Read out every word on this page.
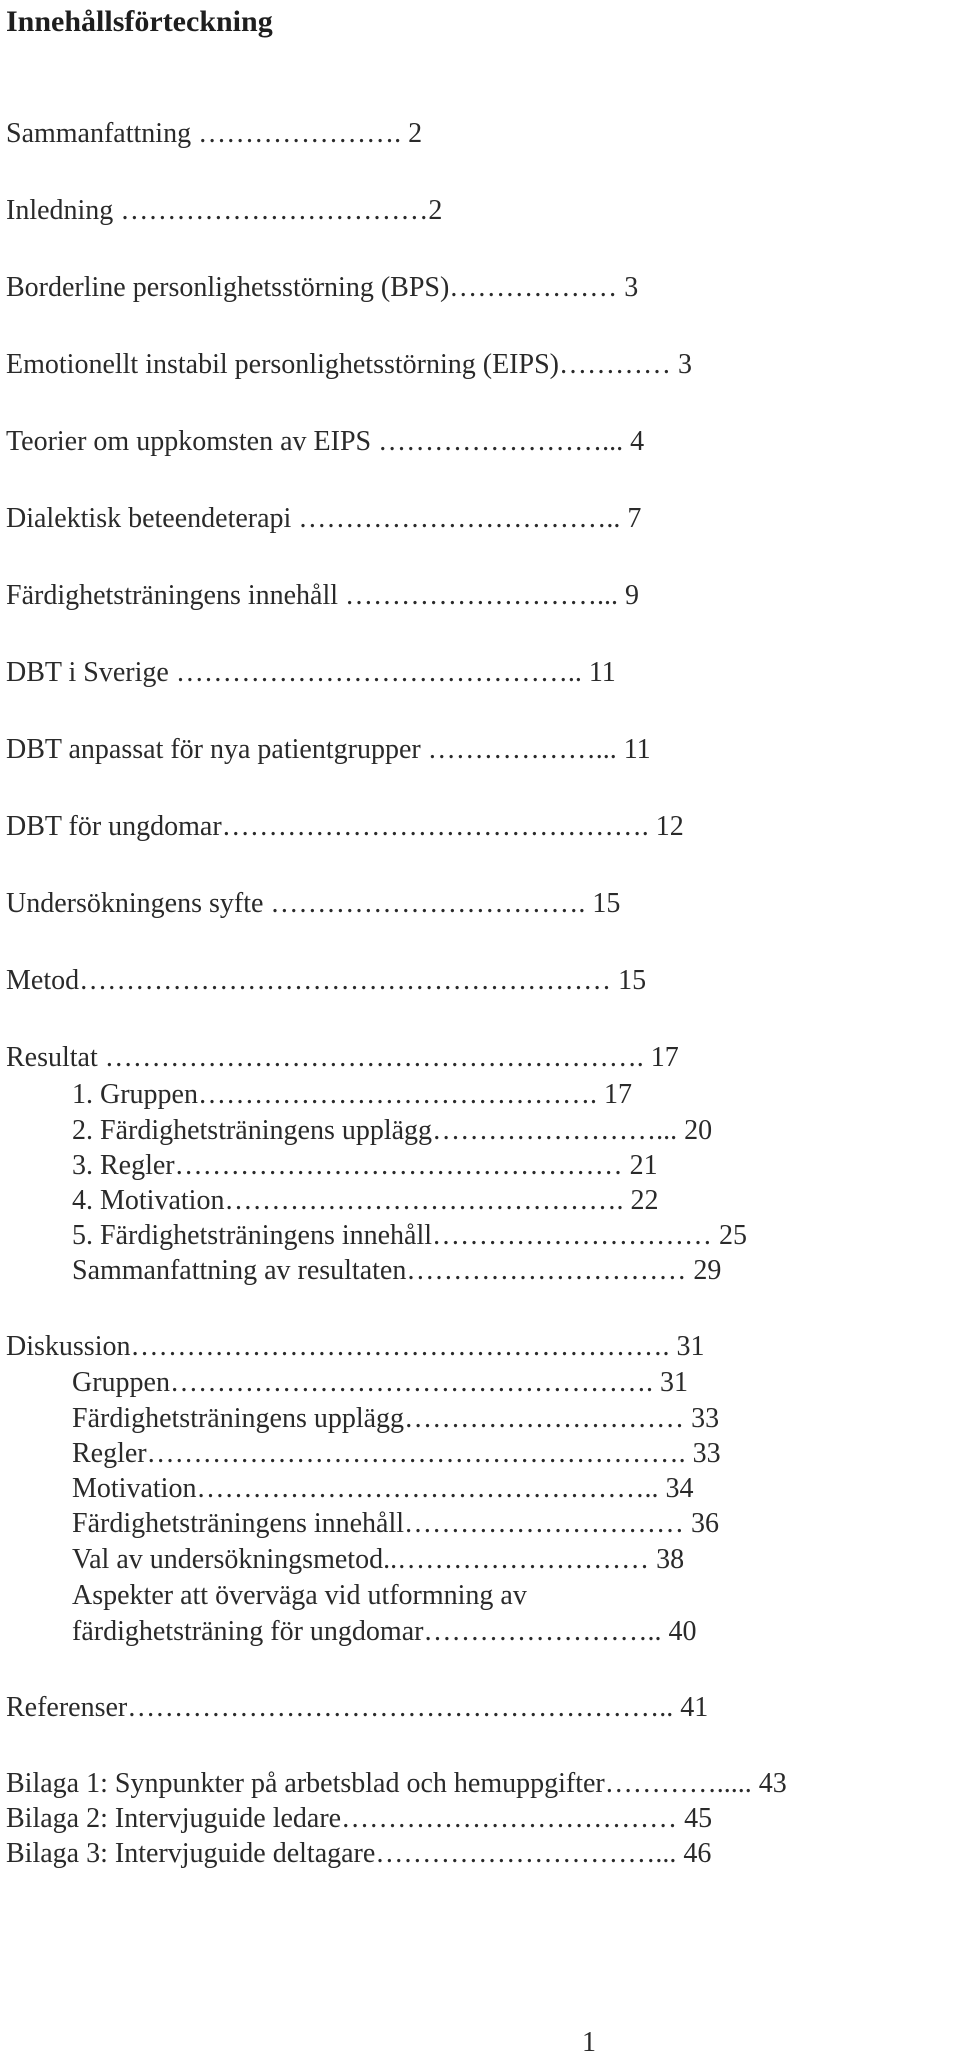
Innehållsförteckning
Sammanfattning …………………. 2
Inledning ……………………………2
Borderline personlighetsstörning (BPS)……………… 3
Emotionellt instabil personlighetsstörning (EIPS)………… 3
Teorier om uppkomsten av EIPS ……………………... 4
Dialektisk beteendeterapi …………………………….. 7
Färdighetsträningens innehåll ………………………... 9
DBT i Sverige …………………………………….. 11
DBT anpassat för nya patientgrupper ………………... 11
DBT för ungdomar………………………………………. 12
Undersökningens syfte ……………………………. 15
Metod………………………………………………… 15
Resultat …………………………………………………. 17
1. Gruppen……………………………………. 17
2. Färdighetsträningens upplägg……………………... 20
3. Regler………………………………………… 21
4. Motivation……………………………………. 22
5. Färdighetsträningens innehåll………………………… 25
Sammanfattning av resultaten………………………… 29
Diskussion…………………………………………………. 31
Gruppen……………………………………………. 31
Färdighetsträningens upplägg………………………… 33
Regler…………………………………………………. 33
Motivation………………………………………….. 34
Färdighetsträningens innehåll………………………… 36
Val av undersökningsmetod..……………………… 38
Aspekter att överväga vid utformning av
färdighetsträning för ungdomar…………………….. 40
Referenser………………………………………………….. 41
Bilaga 1: Synpunkter på arbetsblad och hemuppgifter…………..... 43
Bilaga 2: Intervjuguide ledare……………………………… 45
Bilaga 3: Intervjuguide deltagare…………………………... 46
1
